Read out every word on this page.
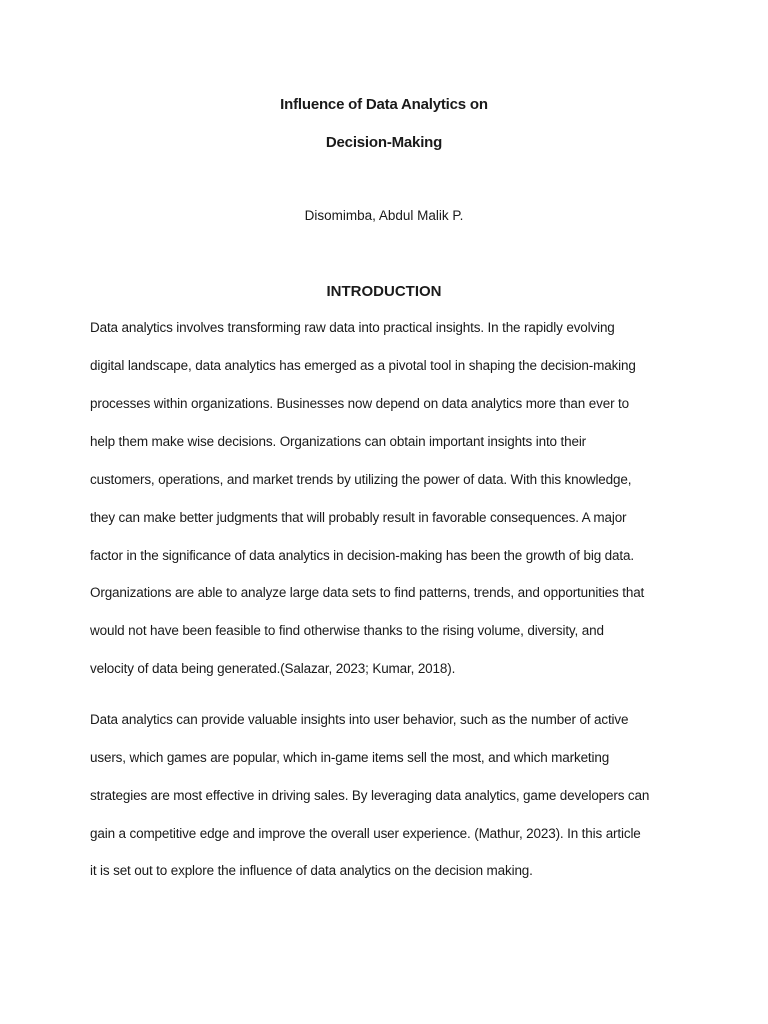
Influence of Data Analytics on
Decision-Making
Disomimba, Abdul Malik P.
INTRODUCTION
Data analytics involves transforming raw data into practical insights. In the rapidly evolving
digital landscape, data analytics has emerged as a pivotal tool in shaping the decision-making
processes within organizations. Businesses now depend on data analytics more than ever to
help them make wise decisions. Organizations can obtain important insights into their
customers, operations, and market trends by utilizing the power of data. With this knowledge,
they can make better judgments that will probably result in favorable consequences. A major
factor in the significance of data analytics in decision-making has been the growth of big data.
Organizations are able to analyze large data sets to find patterns, trends, and opportunities that
would not have been feasible to find otherwise thanks to the rising volume, diversity, and
velocity of data being generated.(Salazar, 2023; Kumar, 2018).
Data analytics can provide valuable insights into user behavior, such as the number of active
users, which games are popular, which in-game items sell the most, and which marketing
strategies are most effective in driving sales. By leveraging data analytics, game developers can
gain a competitive edge and improve the overall user experience. (Mathur, 2023). In this article
it is set out to explore the influence of data analytics on the decision making.
